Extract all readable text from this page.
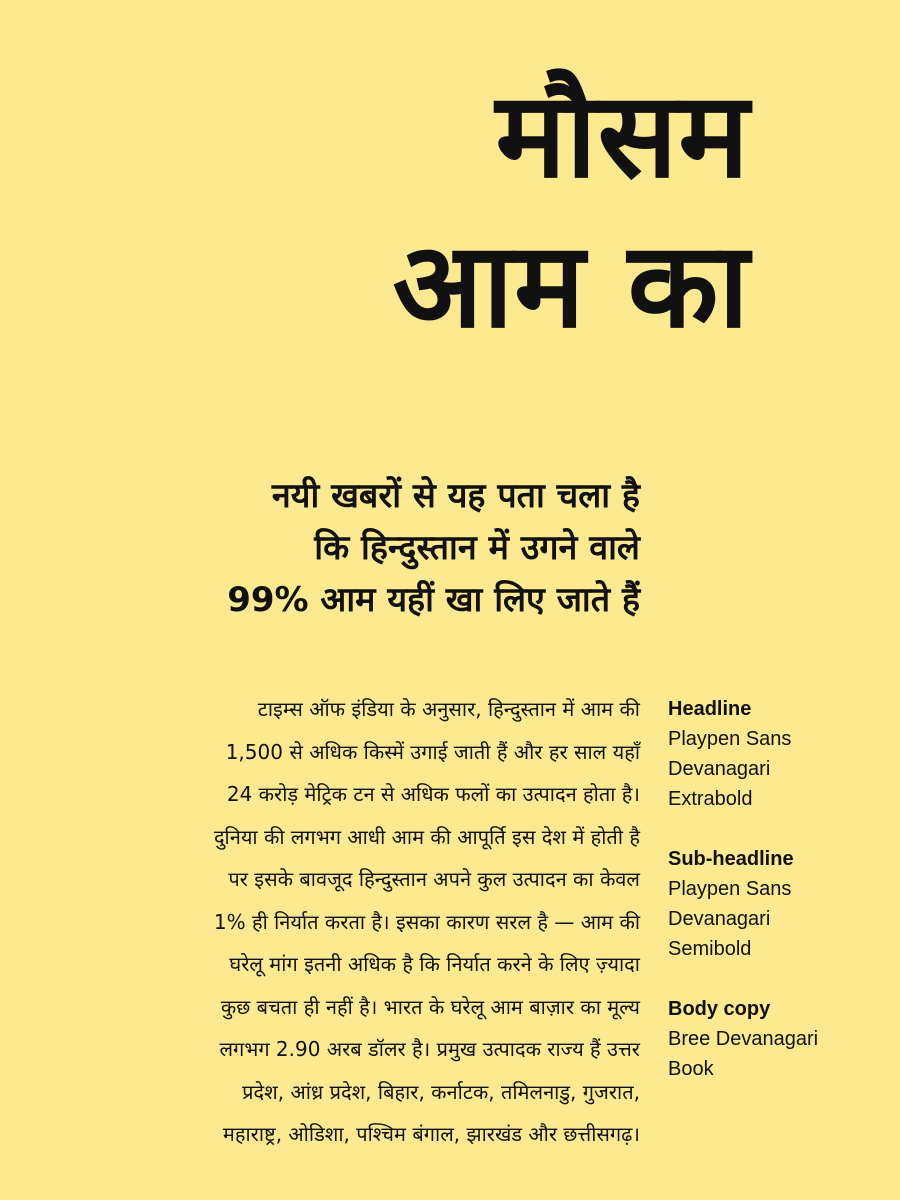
मौसम
आम का
नयी खबरों से यह पता चला है
कि हिन्दुस्तान में उगने वाले
99% आम यहीं खा लिए जाते हैं
टाइम्स ऑफ इंडिया के अनुसार, हिन्दुस्तान में आम की
1,500 से अधिक किस्में उगाई जाती हैं और हर साल यहाँ
24 करोड़ मेट्रिक टन से अधिक फलों का उत्पादन होता है।
दुनिया की लगभग आधी आम की आपूर्ति इस देश में होती है
पर इसके बावजूद हिन्दुस्तान अपने कुल उत्पादन का केवल
1% ही निर्यात करता है। इसका कारण सरल है — आम की
घरेलू मांग इतनी अधिक है कि निर्यात करने के लिए ज़्यादा
कुछ बचता ही नहीं है। भारत के घरेलू आम बाज़ार का मूल्य
लगभग 2.90 अरब डॉलर है। प्रमुख उत्पादक राज्य हैं उत्तर
प्रदेश, आंध्र प्रदेश, बिहार, कर्नाटक, तमिलनाडु, गुजरात,
महाराष्ट्र, ओडिशा, पश्चिम बंगाल, झारखंड और छत्तीसगढ़।
Headline
Playpen Sans
Devanagari
Extrabold
Sub-headline
Playpen Sans
Devanagari
Semibold
Body copy
Bree Devanagari
Book
